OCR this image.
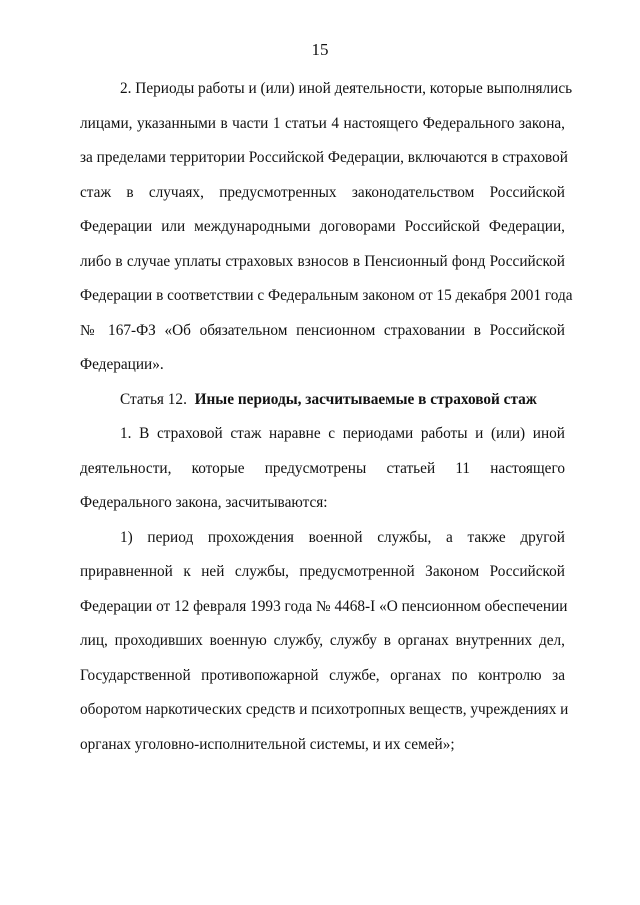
15
2. Периоды работы и (или) иной деятельности, которые выполнялись
лицами, указанными в части 1 статьи 4 настоящего Федерального закона,
за пределами территории Российской Федерации, включаются в страховой
стаж в случаях, предусмотренных законодательством Российской
Федерации или международными договорами Российской Федерации,
либо в случае уплаты страховых взносов в Пенсионный фонд Российской
Федерации в соответствии с Федеральным законом от 15 декабря 2001 года
№ 167-ФЗ «Об обязательном пенсионном страховании в Российской
Федерации».
Статья 12. Иные периоды, засчитываемые в страховой стаж
1. В страховой стаж наравне с периодами работы и (или) иной
деятельности, которые предусмотрены статьей 11 настоящего
Федерального закона, засчитываются:
1) период прохождения военной службы, а также другой
приравненной к ней службы, предусмотренной Законом Российской
Федерации от 12 февраля 1993 года № 4468-I «О пенсионном обеспечении
лиц, проходивших военную службу, службу в органах внутренних дел,
Государственной противопожарной службе, органах по контролю за
оборотом наркотических средств и психотропных веществ, учреждениях и
органах уголовно-исполнительной системы, и их семей»;
